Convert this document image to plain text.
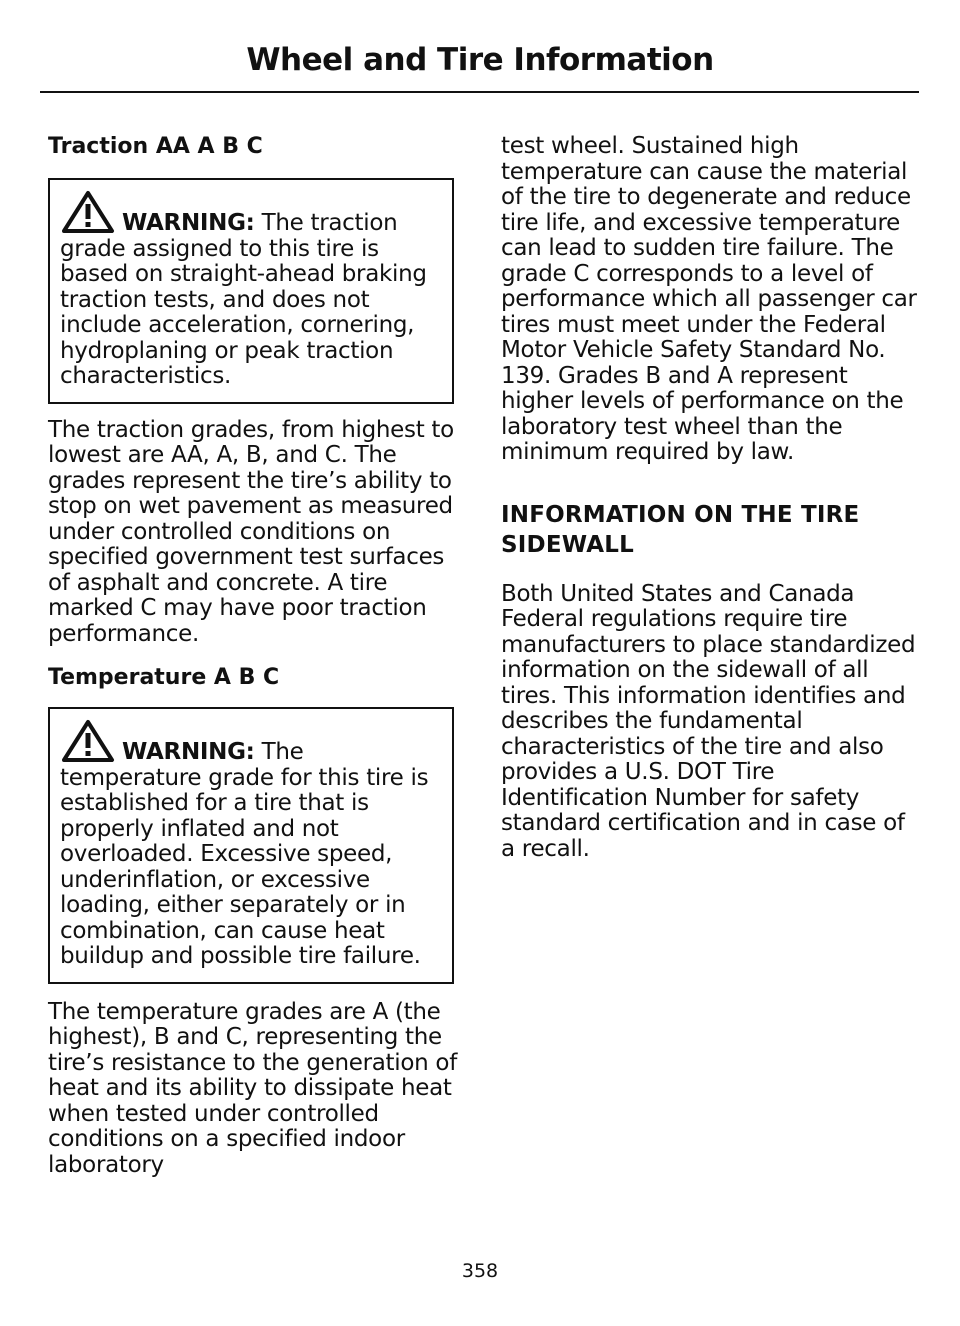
Wheel and Tire Information
Traction AA A B C

WARNING: The traction grade assigned to this tire is based on straight-ahead braking traction tests, and does not include acceleration, cornering, hydroplaning or peak traction characteristics.

The traction grades, from highest to lowest are AA, A, B, and C. The grades represent the tire’s ability to stop on wet pavement as measured under controlled conditions on specified government test surfaces of asphalt and concrete. A tire marked C may have poor traction performance.

Temperature A B C

WARNING: The temperature grade for this tire is established for a tire that is properly inflated and not overloaded. Excessive speed, underinflation, or excessive loading, either separately or in combination, can cause heat buildup and possible tire failure.

The temperature grades are A (the highest), B and C, representing the tire’s resistance to the generation of heat and its ability to dissipate heat when tested under controlled conditions on a specified indoor laboratory

test wheel. Sustained high temperature can cause the material of the tire to degenerate and reduce tire life, and excessive temperature can lead to sudden tire failure. The grade C corresponds to a level of performance which all passenger car tires must meet under the Federal Motor Vehicle Safety Standard No. 139. Grades B and A represent higher levels of performance on the laboratory test wheel than the minimum required by law.

INFORMATION ON THE TIRE SIDEWALL

Both United States and Canada Federal regulations require tire manufacturers to place standardized information on the sidewall of all tires. This information identifies and describes the fundamental characteristics of the tire and also provides a U.S. DOT Tire Identification Number for safety standard certification and in case of a recall.

358
